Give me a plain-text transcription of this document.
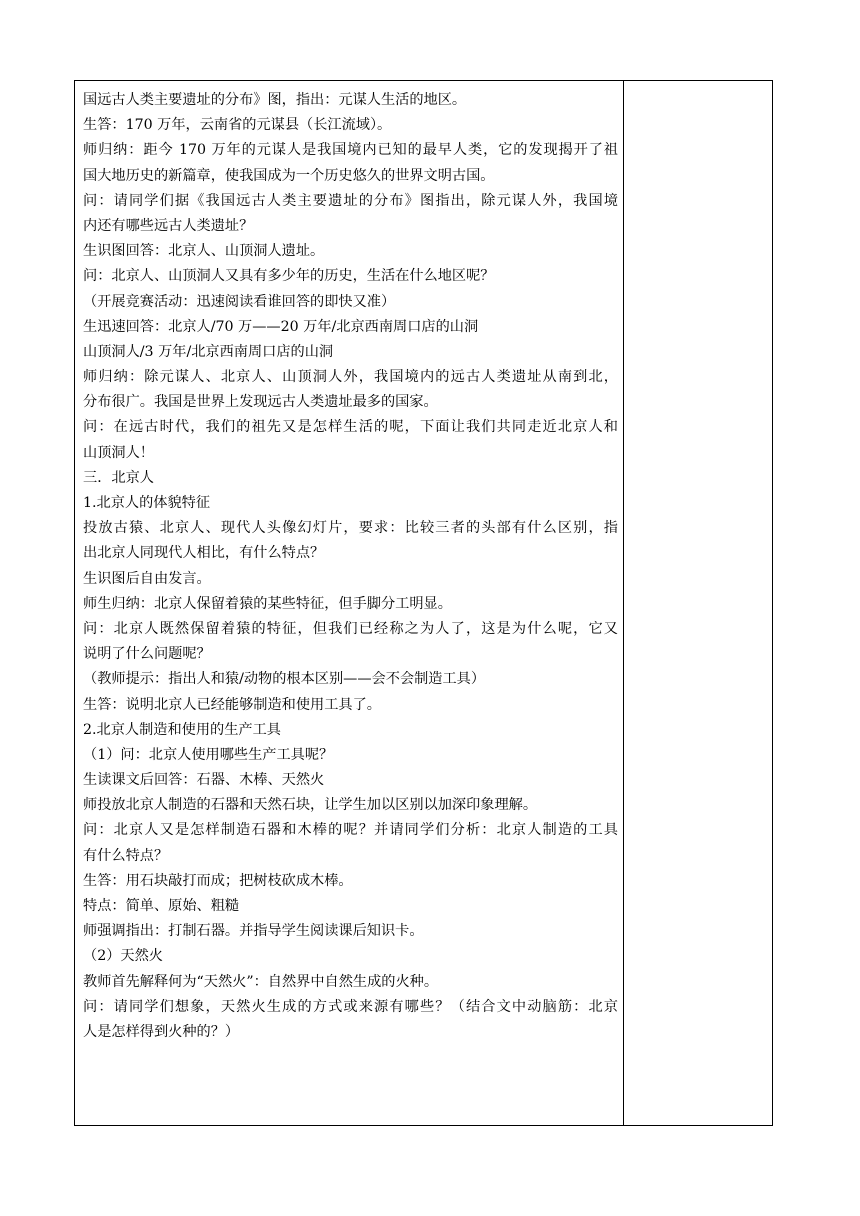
国远古人类主要遗址的分布》图，指出：元谋人生活的地区。
生答：170 万年，云南省的元谋县（长江流域）。
师归纳：距今 170 万年的元谋人是我国境内已知的最早人类，它的发现揭开了祖
国大地历史的新篇章，使我国成为一个历史悠久的世界文明古国。
问：请同学们据《我国远古人类主要遗址的分布》图指出，除元谋人外，我国境
内还有哪些远古人类遗址？
生识图回答：北京人、山顶洞人遗址。
问：北京人、山顶洞人又具有多少年的历史，生活在什么地区呢？
（开展竞赛活动：迅速阅读看谁回答的即快又准）
生迅速回答：北京人/70 万——20 万年/北京西南周口店的山洞
山顶洞人/3 万年/北京西南周口店的山洞
师归纳：除元谋人、北京人、山顶洞人外，我国境内的远古人类遗址从南到北，
分布很广。我国是世界上发现远古人类遗址最多的国家。
问：在远古时代，我们的祖先又是怎样生活的呢，下面让我们共同走近北京人和
山顶洞人！
三．北京人
1.北京人的体貌特征
投放古猿、北京人、现代人头像幻灯片，要求：比较三者的头部有什么区别，指
出北京人同现代人相比，有什么特点？
生识图后自由发言。
师生归纳：北京人保留着猿的某些特征，但手脚分工明显。
问：北京人既然保留着猿的特征，但我们已经称之为人了，这是为什么呢，它又
说明了什么问题呢？
（教师提示：指出人和猿/动物的根本区别——会不会制造工具）
生答：说明北京人已经能够制造和使用工具了。
2.北京人制造和使用的生产工具
（1）问：北京人使用哪些生产工具呢？
生读课文后回答：石器、木棒、天然火
师投放北京人制造的石器和天然石块，让学生加以区别以加深印象理解。
问：北京人又是怎样制造石器和木棒的呢？并请同学们分析：北京人制造的工具
有什么特点？
生答：用石块敲打而成；把树枝砍成木棒。
特点：简单、原始、粗糙
师强调指出：打制石器。并指导学生阅读课后知识卡。
（2）天然火
教师首先解释何为“天然火”：自然界中自然生成的火种。
问：请同学们想象，天然火生成的方式或来源有哪些？（结合文中动脑筋：北京
人是怎样得到火种的？）
